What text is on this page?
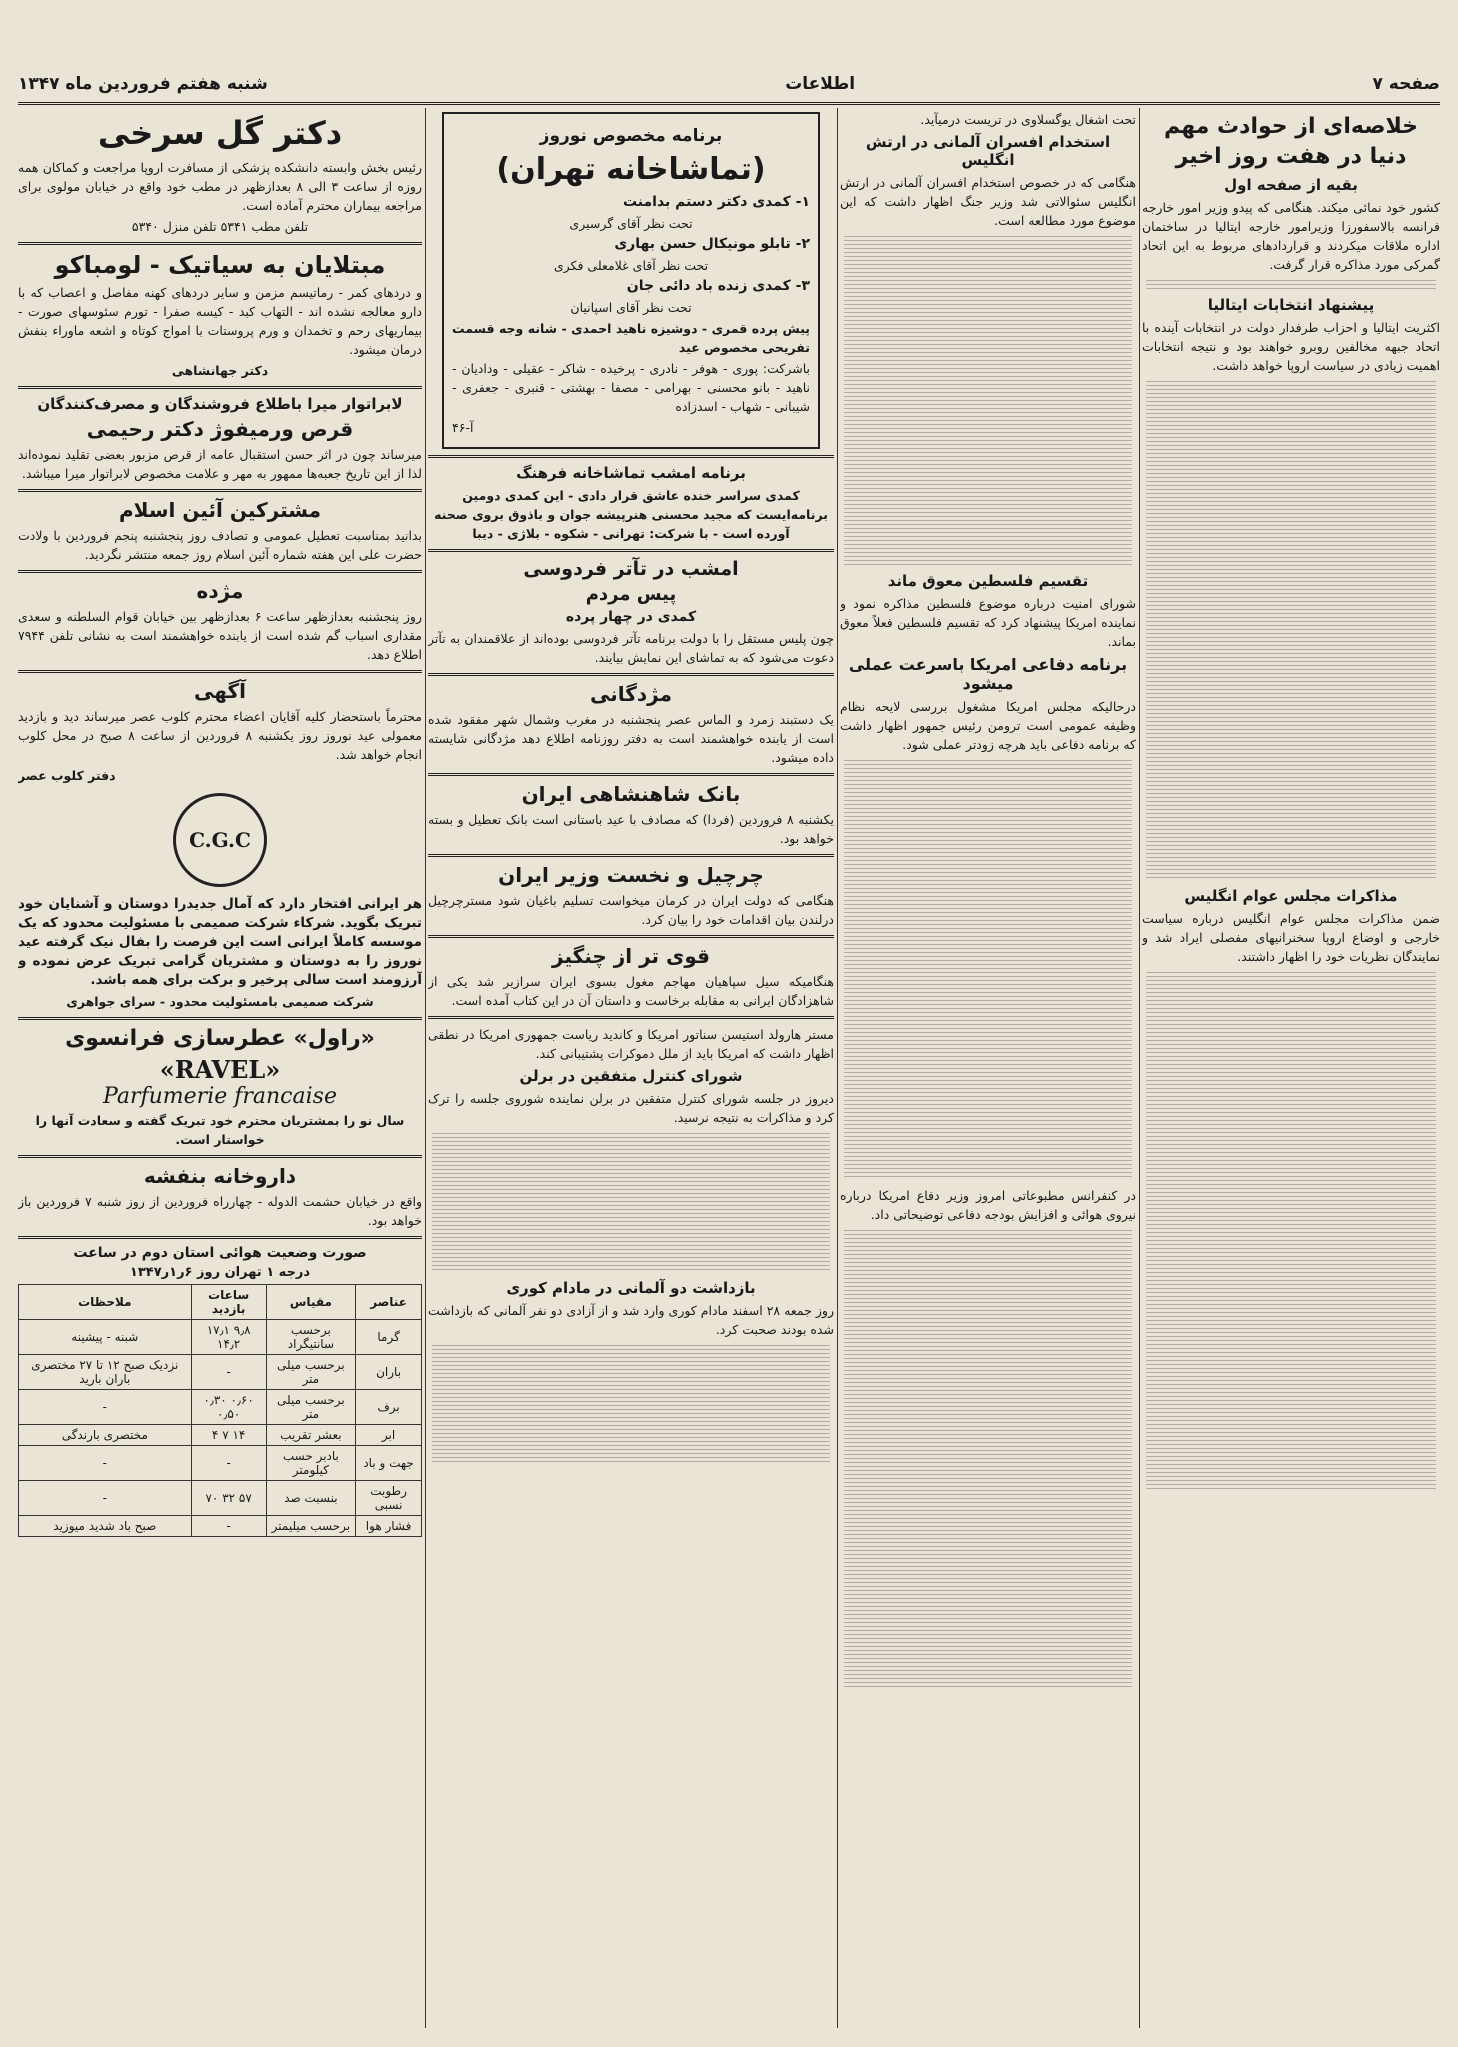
صفحه ۷
اطلاعات
شنبه هفتم فروردین ماه ۱۳۴۷
خلاصه‌ای از حوادث مهم دنیا در هفت روز اخیر
بقیه از صفحه اول

کشور خود نمائی میکند. هنگامی که پیدو وزیر امور خارجه فرانسه بالاسفورزا وزیرامور خارجه ایتالیا در ساختمان اداره ملاقات میکردند و قراردادهای مربوط به این اتحاد گمرکی مورد مذاکره قرار گرفت.

پیشنهاد انتخابات ایتالیا

اکثریت ایتالیا و احزاب طرفدار دولت در انتخابات آینده با اتحاد جبهه مخالفین روبرو خواهند بود و نتیجه انتخابات اهمیت زیادی در سیاست اروپا خواهد داشت.

مذاکرات مجلس عوام انگلیس

ضمن مذاکرات مجلس عوام انگلیس درباره سیاست خارجی و اوضاع اروپا سخنرانیهای مفصلی ایراد شد و نمایندگان نظریات خود را اظهار داشتند.

تحت اشغال یوگسلاوی در تریست درمیآید.

استخدام افسران آلمانی در ارتش انگلیس

هنگامی که در خصوص استخدام افسران آلمانی در ارتش انگلیس سئوالاتی شد وزیر جنگ اظهار داشت که این موضوع مورد مطالعه است.

تقسیم فلسطین معوق ماند

شورای امنیت درباره موضوع فلسطین مذاکره نمود و نماینده امریکا پیشنهاد کرد که تقسیم فلسطین فعلاً معوق بماند.

برنامه دفاعی امریکا باسرعت عملی میشود

درحالیکه مجلس امریکا مشغول بررسی لایحه نظام وظیفه عمومی است ترومن رئیس جمهور اظهار داشت که برنامه دفاعی باید هرچه زودتر عملی شود.

در کنفرانس مطبوعاتی امروز وزیر دفاع امریکا درباره نیروی هوائی و افزایش بودجه دفاعی توضیحاتی داد.

برنامه مخصوص نوروز
(تماشاخانه تهران)
۱- کمدی دکتر دستم بدامنت
تحت نظر آقای گرسیری
۲- تابلو مونیکال حسن بهاری
تحت نظر آقای غلامعلی فکری
۳- کمدی زنده باد دائی جان
تحت نظر آقای اسپانیان
پیش پرده قمری - دوشیزه ناهید احمدی - شانه وجه قسمت تفریحی مخصوص عید
باشرکت: پوری - هوفر - نادری - پرخیده - شاکر - عقیلی - ودادیان - ناهید - بانو محسنی - بهرامی - مصفا - بهشتی - قنبری - جعفری - شیبانی - شهاب - اسدزاده
آ-۴۶
برنامه امشب تماشاخانه فرهنگ

کمدی سراسر خنده عاشق قرار دادی - این کمدی دومین برنامه‌ایست که مجید محسنی هنرپیشه جوان و باذوق بروی صحنه آورده است - با شرکت: تهرانی - شکوه - بلاژی - دیبا

امشب در تآتر فردوسی
پیس مردم
کمدی در چهار پرده

چون پلیس مستقل را با دولت برنامه تآتر فردوسی بوده‌اند از علاقمندان به تآتر دعوت می‌شود که به تماشای این نمایش بیایند.

مژدگانی

یک دستبند زمرد و الماس عصر پنجشنبه در مغرب وشمال شهر مفقود شده است از یابنده خواهشمند است به دفتر روزنامه اطلاع دهد مژدگانی شایسته داده میشود.

بانک شاهنشاهی ایران

یکشنبه ۸ فروردین (فردا) که مصادف با عید باستانی است بانک تعطیل و بسته خواهد بود.

چرچیل و نخست وزیر ایران

هنگامی که دولت ایران در کرمان میخواست تسلیم باغیان شود مسترچرچیل درلندن بیان اقدامات خود را بیان کرد.

قوی تر از چنگیز

هنگامیکه سیل سپاهیان مهاجم مغول بسوی ایران سرازیر شد یکی از شاهزادگان ایرانی به مقابله برخاست و داستان آن در این کتاب آمده است.

مستر هارولد استیسن سناتور امریکا و کاندید ریاست جمهوری امریکا در نطقی اظهار داشت که امریکا باید از ملل دموکرات پشتیبانی کند.

شورای کنترل متفقین در برلن

دیروز در جلسه شورای کنترل متفقین در برلن نماینده شوروی جلسه را ترک کرد و مذاکرات به نتیجه نرسید.

بازداشت دو آلمانی در مادام کوری

روز جمعه ۲۸ اسفند مادام کوری وارد شد و از آزادی دو نفر آلمانی که بازداشت شده بودند صحبت کرد.

دکتر گل سرخی

رئیس بخش وابسته دانشکده پزشکی از مسافرت اروپا مراجعت و کماکان همه روزه از ساعت ۳ الی ۸ بعدازظهر در مطب خود واقع در خیابان مولوی برای مراجعه بیماران محترم آماده است.

تلفن مطب ۵۳۴۱ تلفن منزل ۵۳۴۰

مبتلایان به سیاتیک - لومباکو

و دردهای کمر - رماتیسم مزمن و سایر دردهای کهنه مفاصل و اعصاب که با دارو معالجه نشده اند - التهاب کبد - کیسه صفرا - تورم سئوسهای صورت - بیماریهای رحم و تخمدان و ورم پروستات با امواج کوتاه و اشعه ماوراء بنفش درمان میشود.

دکتر جهانشاهی

لابراتوار میرا باطلاع فروشندگان و مصرف‌کنندگان
قرص ورمیفوژ دکتر رحیمی

میرساند چون در اثر حسن استقبال عامه از قرص مزبور بعضی تقلید نموده‌اند لذا از این تاریخ جعبه‌ها ممهور به مهر و علامت مخصوص لابراتوار میرا میباشد.

مشترکین آئین اسلام

بدانید بمناسبت تعطیل عمومی و تصادف روز پنجشنبه پنجم فروردین با ولادت حضرت علی این هفته شماره آئین اسلام روز جمعه منتشر نگردید.

مژده

روز پنجشنبه بعدازظهر ساعت ۶ بعدازظهر بین خیابان قوام السلطنه و سعدی مقداری اسباب گم شده است از یابنده خواهشمند است به نشانی تلفن ۷۹۴۴ اطلاع دهد.

آگهی

محترماً باستحضار کلیه آقایان اعضاء محترم کلوب عصر میرساند دید و بازدید معمولی عید نوروز روز یکشنبه ۸ فروردین از ساعت ۸ صبح در محل کلوب انجام خواهد شد.

دفتر کلوب عصر

C.G.C

هر ایرانی افتخار دارد که آمال جدیدرا دوستان و آشنایان خود تبریک بگوید. شرکاء شرکت صمیمی با مسئولیت محدود که یک موسسه کاملاً ایرانی است این فرصت را بفال نیک گرفته عید نوروز را به دوستان و مشتریان گرامی تبریک عرض نموده و آرزومند است سالی پرخیر و برکت برای همه باشد.

شرکت صمیمی بامسئولیت محدود - سرای جواهری

«راول» عطرسازی فرانسوی
«RAVEL»
Parfumerie francaise

سال نو را بمشتریان محترم خود تبریک گفته و سعادت آنها را خواستار است.

داروخانه بنفشه

واقع در خیابان حشمت الدوله - چهارراه فروردین از روز شنبه ۷ فروردین باز خواهد بود.

صورت وضعیت هوائی استان دوم در ساعت
درجه ۱ تهران روز ۶ر۱ر۱۳۴۷
عناصر	مقیاس	ساعات بازدید	ملاحظات
گرما	برحسب سانتیگراد	۹٫۸ ۱۷٫۱ ۱۴٫۲	شبنه - پیشینه
باران	برحسب میلی متر	-	نزدیک صبح ۱۲ تا ۲۷ مختصری باران بارید
برف	برحسب میلی متر	۰٫۶۰ ۰٫۳۰ ۰٫۵۰	-
ابر	بعشر تقریب	۱۴ ۷ ۴	مختصری بارندگی
جهت و باد	بادبر حسب کیلومتر	-	-
رطوبت نسبی	بنسبت صد	۵۷ ۳۲ ۷۰	-
فشار هوا	برحسب میلیمتر	-	صبح باد شدید میوزید
